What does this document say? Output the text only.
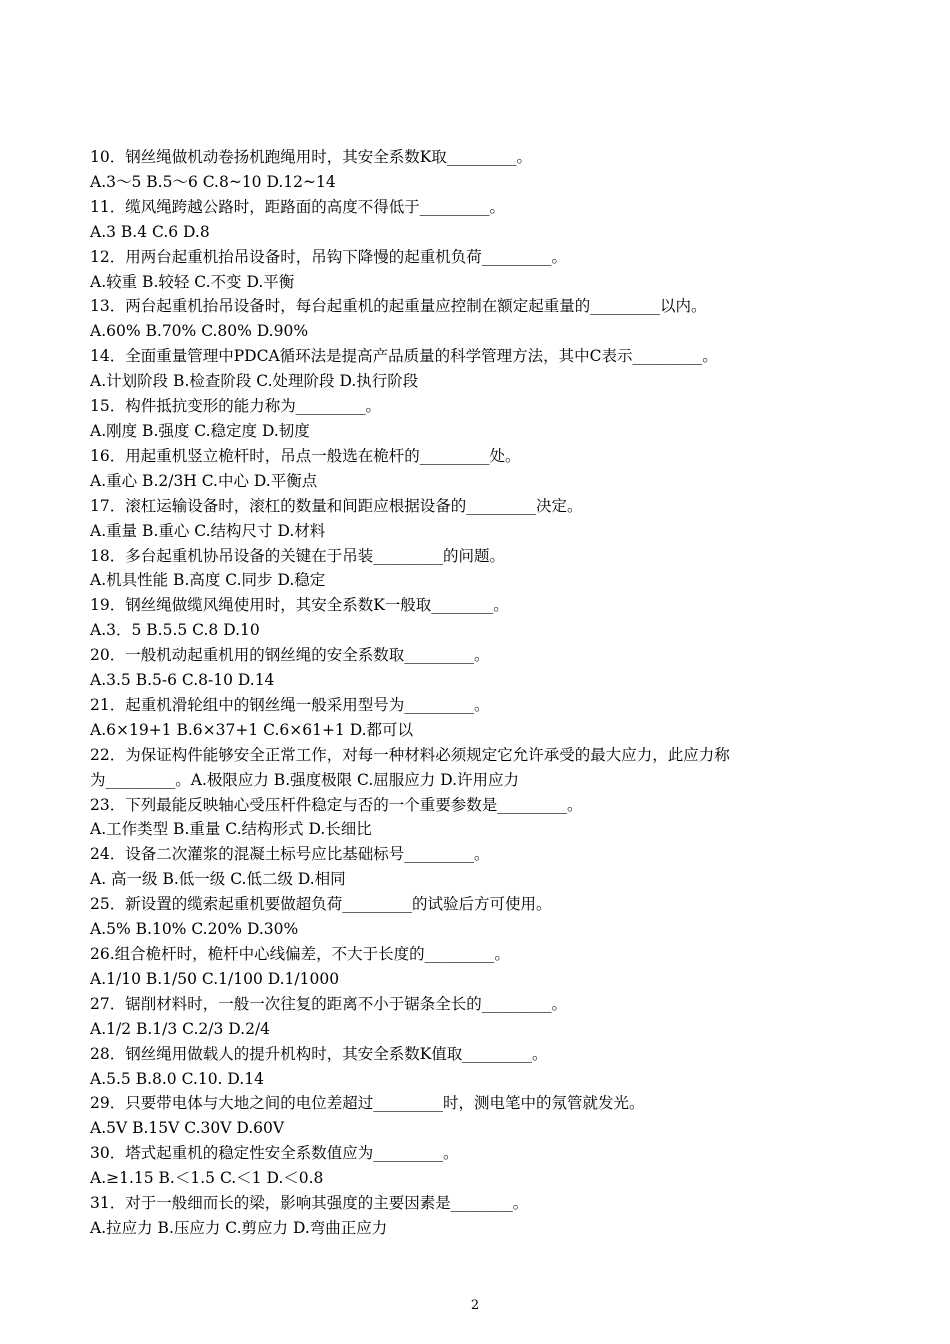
10．钢丝绳做机动卷扬机跑绳用时，其安全系数K取_________。
A.3～5 B.5～6 C.8~10 D.12~14
11．缆风绳跨越公路时，距路面的高度不得低于_________。
A.3 B.4 C.6 D.8
12．用两台起重机抬吊设备时，吊钩下降慢的起重机负荷_________。
A.较重 B.较轻 C.不变 D.平衡
13．两台起重机抬吊设备时，每台起重机的起重量应控制在额定起重量的_________以内。
A.60% B.70% C.80% D.90%
14．全面重量管理中PDCA循环法是提高产品质量的科学管理方法，其中C表示_________。
A.计划阶段 B.检查阶段 C.处理阶段 D.执行阶段
15．构件抵抗变形的能力称为_________。
A.刚度 B.强度 C.稳定度 D.韧度
16．用起重机竖立桅杆时，吊点一般选在桅杆的_________处。
A.重心 B.2/3H C.中心 D.平衡点
17．滚杠运输设备时，滚杠的数量和间距应根据设备的_________决定。
A.重量 B.重心 C.结构尺寸 D.材料
18．多台起重机协吊设备的关键在于吊装_________的问题。
A.机具性能 B.高度 C.同步 D.稳定
19．钢丝绳做缆风绳使用时，其安全系数K一般取________。
A.3．5 B.5.5 C.8 D.10
20．一般机动起重机用的钢丝绳的安全系数取_________。
A.3.5 B.5-6 C.8-10 D.14
21．起重机滑轮组中的钢丝绳一般采用型号为_________。
A.6×19+1 B.6×37+1 C.6×61+1 D.都可以
22．为保证构件能够安全正常工作，对每一种材料必须规定它允许承受的最大应力，此应力称
为_________。A.极限应力 B.强度极限 C.屈服应力 D.许用应力
23．下列最能反映轴心受压杆件稳定与否的一个重要参数是_________。
A.工作类型 B.重量 C.结构形式 D.长细比
24．设备二次灌浆的混凝土标号应比基础标号_________。
A. 高一级 B.低一级 C.低二级 D.相同
25．新设置的缆索起重机要做超负荷_________的试验后方可使用。
A.5% B.10% C.20% D.30%
26.组合桅杆时，桅杆中心线偏差，不大于长度的_________。
A.1/10 B.1/50 C.1/100 D.1/1000
27．锯削材料时，一般一次往复的距离不小于锯条全长的_________。
A.1/2 B.1/3 C.2/3 D.2/4
28．钢丝绳用做载人的提升机构时，其安全系数K值取_________。
A.5.5 B.8.0 C.10. D.14
29．只要带电体与大地之间的电位差超过_________时，测电笔中的氖管就发光。
A.5V B.15V C.30V D.60V
30．塔式起重机的稳定性安全系数值应为_________。
A.≥1.15 B.＜1.5 C.＜1 D.＜0.8
31．对于一般细而长的梁，影响其强度的主要因素是________。
A.拉应力 B.压应力 C.剪应力 D.弯曲正应力
2
